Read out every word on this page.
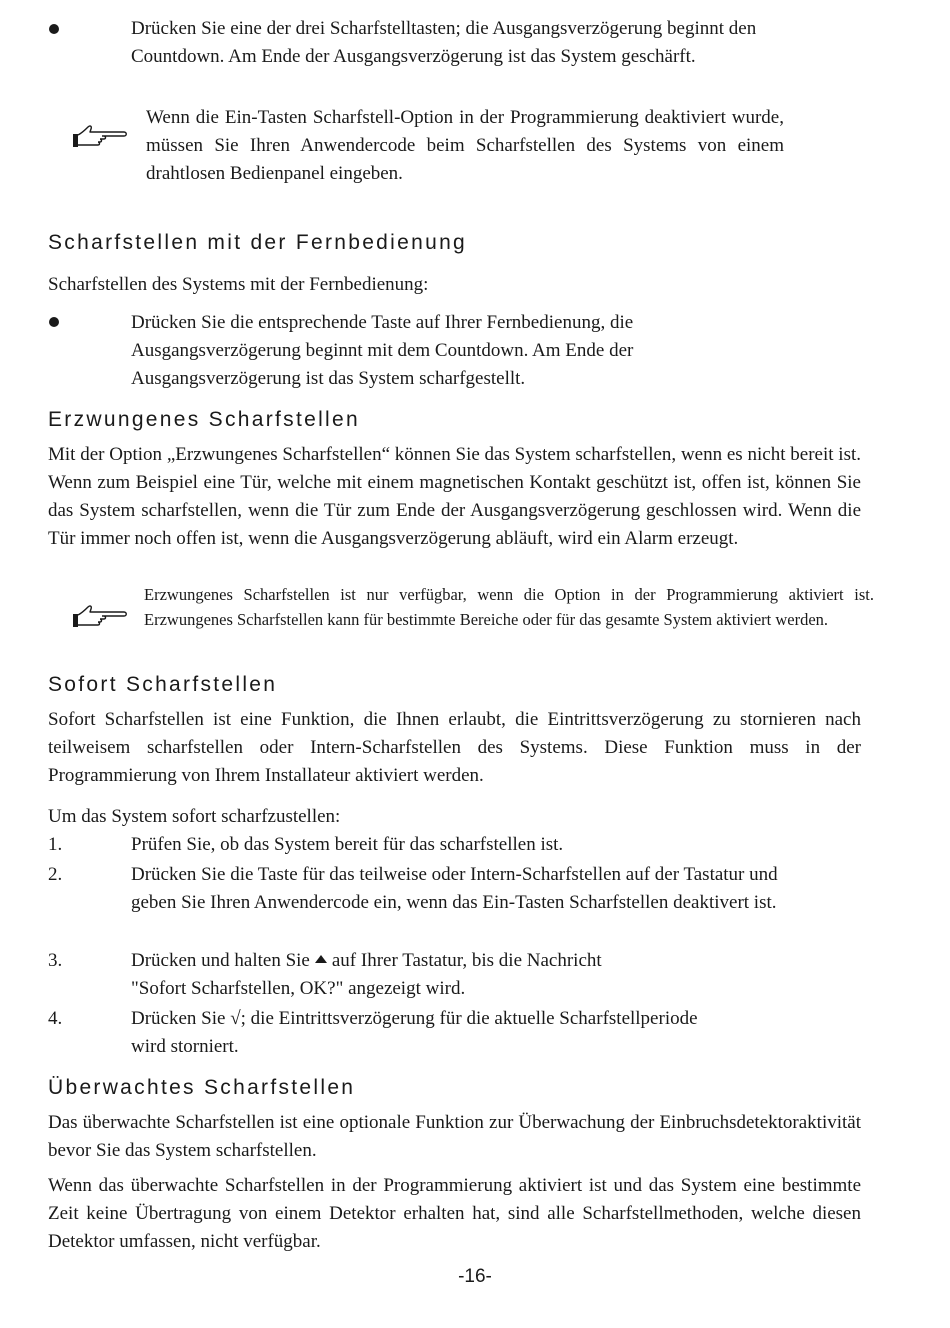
Drücken Sie eine der drei Scharfstelltasten; die Ausgangsverzögerung beginnt den Countdown. Am Ende der Ausgangsverzögerung ist das System geschärft.

Wenn die Ein-Tasten Scharfstell-Option in der Programmierung deaktiviert wurde, müssen Sie Ihren Anwendercode beim Scharfstellen des Systems von einem drahtlosen Bedienpanel eingeben.

Scharfstellen mit der Fernbedienung

Scharfstellen des Systems mit der Fernbedienung:

Drücken Sie die entsprechende Taste auf Ihrer Fernbedienung, die Ausgangsverzögerung beginnt mit dem Countdown. Am Ende der Ausgangsverzögerung ist das System scharfgestellt.

Erzwungenes Scharfstellen

Mit der Option „Erzwungenes Scharfstellen“ können Sie das System scharfstellen, wenn es nicht bereit ist. Wenn zum Beispiel eine Tür, welche mit einem magnetischen Kontakt geschützt ist, offen ist, können Sie das System scharfstellen, wenn die Tür zum Ende der Ausgangsverzögerung geschlossen wird. Wenn die Tür immer noch offen ist, wenn die Ausgangsverzögerung abläuft, wird ein Alarm erzeugt.

Erzwungenes Scharfstellen ist nur verfügbar, wenn die Option in der Programmierung aktiviert ist. Erzwungenes Scharfstellen kann für bestimmte Bereiche oder für das gesamte System aktiviert werden.

Sofort Scharfstellen

Sofort Scharfstellen ist eine Funktion, die Ihnen erlaubt, die Eintrittsverzögerung zu stornieren nach teilweisem scharfstellen oder Intern-Scharfstellen des Systems. Diese Funktion muss in der Programmierung von Ihrem Installateur aktiviert werden.

Um das System sofort scharfzustellen:

1.	Prüfen Sie, ob das System bereit für das scharfstellen ist.

2.	Drücken Sie die Taste für das teilweise oder Intern-Scharfstellen auf der Tastatur und geben Sie Ihren Anwendercode ein, wenn das Ein-Tasten Scharfstellen deaktivert ist.

3.	Drücken und halten Sie auf Ihrer Tastatur, bis die Nachricht
"Sofort Scharfstellen, OK?" angezeigt wird.

4.	Drücken Sie √; die Eintrittsverzögerung für die aktuelle Scharfstellperiode
wird storniert.

Überwachtes Scharfstellen

Das überwachte Scharfstellen ist eine optionale Funktion zur Überwachung der Einbruchsdetektoraktivität bevor Sie das System scharfstellen.

Wenn das überwachte Scharfstellen in der Programmierung aktiviert ist und das System eine bestimmte Zeit keine Übertragung von einem Detektor erhalten hat, sind alle Scharfstellmethoden, welche diesen Detektor umfassen, nicht verfügbar.

-16-
